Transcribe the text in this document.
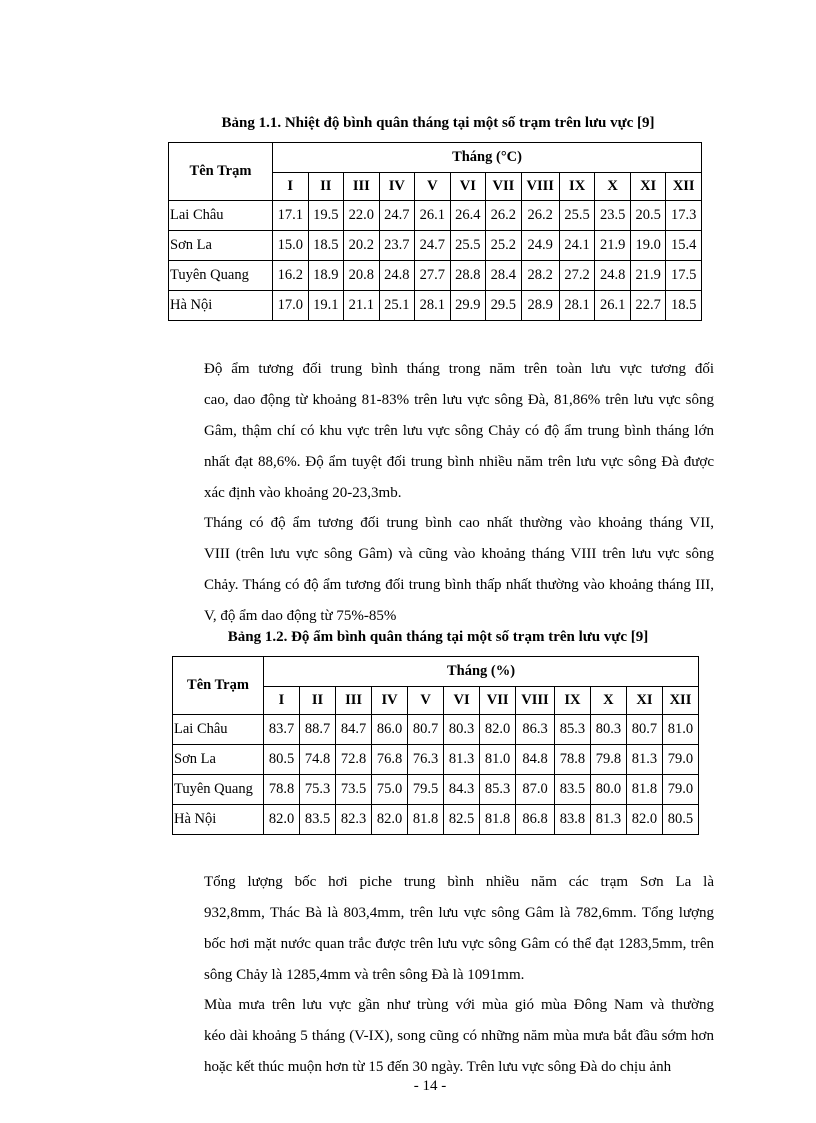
Bảng 1.1. Nhiệt độ bình quân tháng tại một số trạm trên lưu vực [9]
Tên Trạm	Tháng (°C)											
	I	II	III	IV	V	VI	VII	VIII	IX	X	XI	XII
Lai Châu	17.1	19.5	22.0	24.7	26.1	26.4	26.2	26.2	25.5	23.5	20.5	17.3
Sơn La	15.0	18.5	20.2	23.7	24.7	25.5	25.2	24.9	24.1	21.9	19.0	15.4
Tuyên Quang	16.2	18.9	20.8	24.8	27.7	28.8	28.4	28.2	27.2	24.8	21.9	17.5
Hà Nội	17.0	19.1	21.1	25.1	28.1	29.9	29.5	28.9	28.1	26.1	22.7	18.5

Độ ẩm tương đối trung bình tháng trong năm trên toàn lưu vực tương đối
cao, dao động từ khoảng 81-83% trên lưu vực sông Đà, 81,86% trên lưu vực sông
Gâm, thậm chí có khu vực trên lưu vực sông Chảy có độ ẩm trung bình tháng lớn
nhất đạt 88,6%. Độ ẩm tuyệt đối trung bình nhiều năm trên lưu vực sông Đà được
xác định vào khoảng 20-23,3mb.

Tháng có độ ẩm tương đối trung bình cao nhất thường vào khoảng tháng VII,
VIII (trên lưu vực sông Gâm) và cũng vào khoảng tháng VIII trên lưu vực sông
Chảy. Tháng có độ ẩm tương đối trung bình thấp nhất thường vào khoảng tháng III,
V, độ ẩm dao động từ 75%-85%

Bảng 1.2. Độ ẩm bình quân tháng tại một số trạm trên lưu vực [9]
Tên Trạm	Tháng (%)											
	I	II	III	IV	V	VI	VII	VIII	IX	X	XI	XII
Lai Châu	83.7	88.7	84.7	86.0	80.7	80.3	82.0	86.3	85.3	80.3	80.7	81.0
Sơn La	80.5	74.8	72.8	76.8	76.3	81.3	81.0	84.8	78.8	79.8	81.3	79.0
Tuyên Quang	78.8	75.3	73.5	75.0	79.5	84.3	85.3	87.0	83.5	80.0	81.8	79.0
Hà Nội	82.0	83.5	82.3	82.0	81.8	82.5	81.8	86.8	83.8	81.3	82.0	80.5

Tổng lượng bốc hơi piche trung bình nhiều năm các trạm Sơn La là
932,8mm, Thác Bà là 803,4mm, trên lưu vực sông Gâm là 782,6mm. Tổng lượng
bốc hơi mặt nước quan trắc được trên lưu vực sông Gâm có thể đạt 1283,5mm, trên
sông Chảy là 1285,4mm và trên sông Đà là 1091mm.

Mùa mưa trên lưu vực gần như trùng với mùa gió mùa Đông Nam và thường
kéo dài khoảng 5 tháng (V-IX), song cũng có những năm mùa mưa bắt đầu sớm hơn
hoặc kết thúc muộn hơn từ 15 đến 30 ngày. Trên lưu vực sông Đà do chịu ảnh

- 14 -
